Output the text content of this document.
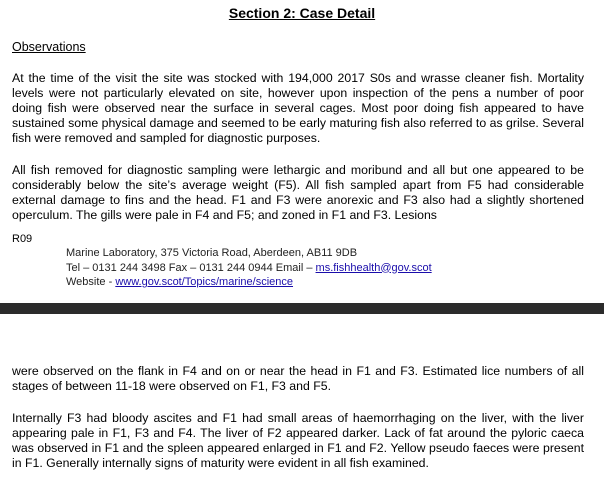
Section 2: Case Detail
Observations

At the time of the visit the site was stocked with 194,000 2017 S0s and wrasse cleaner fish. Mortality levels were not particularly elevated on site, however upon inspection of the pens a number of poor doing fish were observed near the surface in several cages. Most poor doing fish appeared to have sustained some physical damage and seemed to be early maturing fish also referred to as grilse. Several fish were removed and sampled for diagnostic purposes.

All fish removed for diagnostic sampling were lethargic and moribund and all but one appeared to be considerably below the site’s average weight (F5). All fish sampled apart from F5 had considerable external damage to fins and the head. F1 and F3 were anorexic and F3 also had a slightly shortened operculum. The gills were pale in F4 and F5; and zoned in F1 and F3. Lesions

R09
Marine Laboratory, 375 Victoria Road, Aberdeen, AB11 9DB
Tel – 0131 244 3498 Fax – 0131 244 0944 Email – ms.fishhealth@gov.scot
Website - www.gov.scot/Topics/marine/science

were observed on the flank in F4 and on or near the head in F1 and F3. Estimated lice numbers of all stages of between 11-18 were observed on F1, F3 and F5.

Internally F3 had bloody ascites and F1 had small areas of haemorrhaging on the liver, with the liver appearing pale in F1, F3 and F4. The liver of F2 appeared darker. Lack of fat around the pyloric caeca was observed in F1 and the spleen appeared enlarged in F1 and F2. Yellow pseudo faeces were present in F1. Generally internally signs of maturity were evident in all fish examined.
